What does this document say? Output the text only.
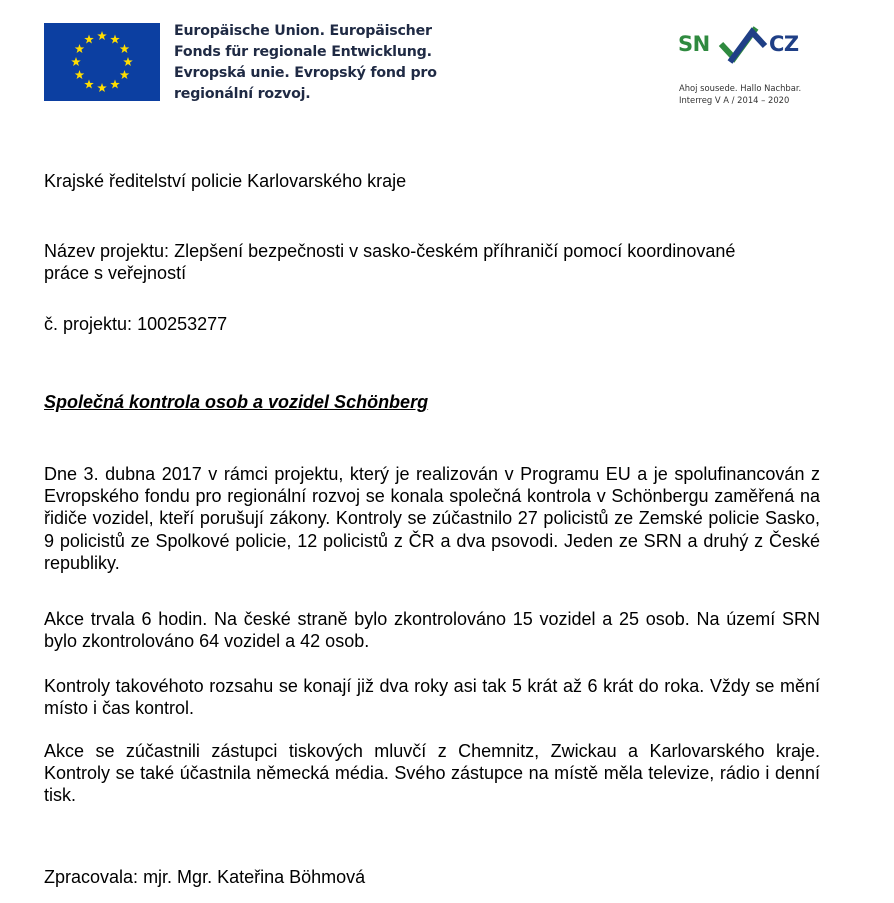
Europäische Union. Europäischer
Fonds für regionale Entwicklung.
Evropská unie. Evropský fond pro
regionální rozvoj.
SN	CZ
Ahoj sousede. Hallo Nachbar.
Interreg V A / 2014 – 2020
Krajské ředitelství policie Karlovarského kraje
Název projektu: Zlepšení bezpečnosti v sasko-českém příhraničí pomocí koordinované práce s veřejností
č. projektu: 100253277
Společná kontrola osob a vozidel Schönberg
Dne 3. dubna 2017 v rámci projektu, který je realizován v Programu EU a je spolufinancován z Evropského fondu pro regionální rozvoj se konala společná kontrola v Schönbergu zaměřená na řidiče vozidel, kteří porušují zákony. Kontroly se zúčastnilo 27 policistů ze Zemské policie Sasko, 9 policistů ze Spolkové policie, 12 policistů z ČR a dva psovodi. Jeden ze SRN a druhý z České republiky.
Akce trvala 6 hodin. Na české straně bylo zkontrolováno 15 vozidel a 25 osob. Na území SRN bylo zkontrolováno 64 vozidel a 42 osob.
Kontroly takovéhoto rozsahu se konají již dva roky asi tak 5 krát až 6 krát do roka. Vždy se mění místo i čas kontrol.
Akce se zúčastnili zástupci tiskových mluvčí z Chemnitz, Zwickau a Karlovarského kraje. Kontroly se také účastnila německá média. Svého zástupce na místě měla televize, rádio i denní tisk.
Zpracovala: mjr. Mgr. Kateřina Böhmová
